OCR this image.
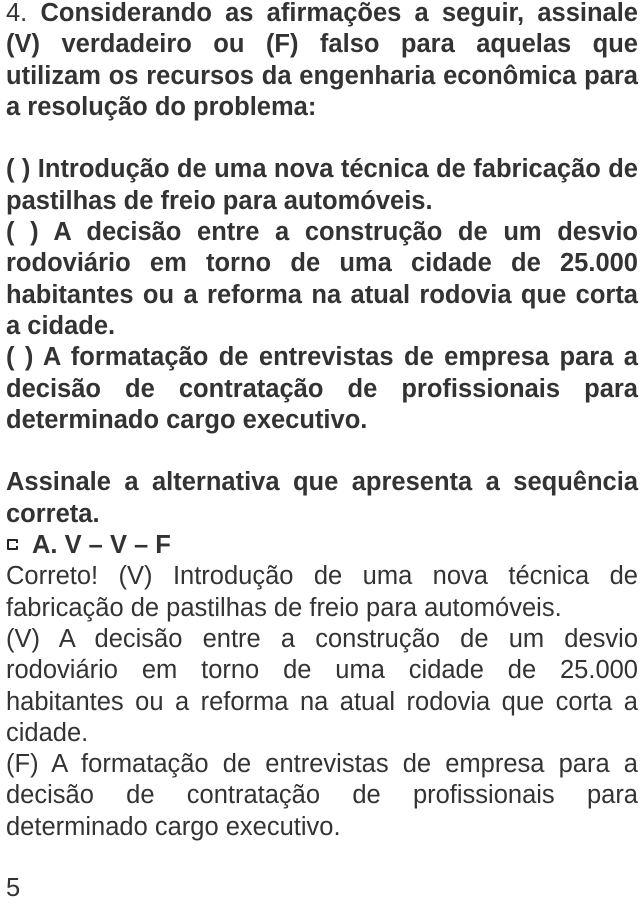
4. Considerando as afirmações a seguir, assinale (V) verdadeiro ou (F) falso para aquelas que utilizam os recursos da engenharia econômica para a resolução do problema:

( ) Introdução de uma nova técnica de fabricação de pastilhas de freio para automóveis.

( ) A decisão entre a construção de um desvio rodoviário em torno de uma cidade de 25.000 habitantes ou a reforma na atual rodovia que corta a cidade.

( ) A formatação de entrevistas de empresa para a decisão de contratação de profissionais para determinado cargo executivo.

Assinale a alternativa que apresenta a sequência correta.

A. V – V – F

Correto! (V) Introdução de uma nova técnica de fabricação de pastilhas de freio para automóveis.

(V) A decisão entre a construção de um desvio rodoviário em torno de uma cidade de 25.000 habitantes ou a reforma na atual rodovia que corta a cidade.

(F) A formatação de entrevistas de empresa para a decisão de contratação de profissionais para determinado cargo executivo.

5
